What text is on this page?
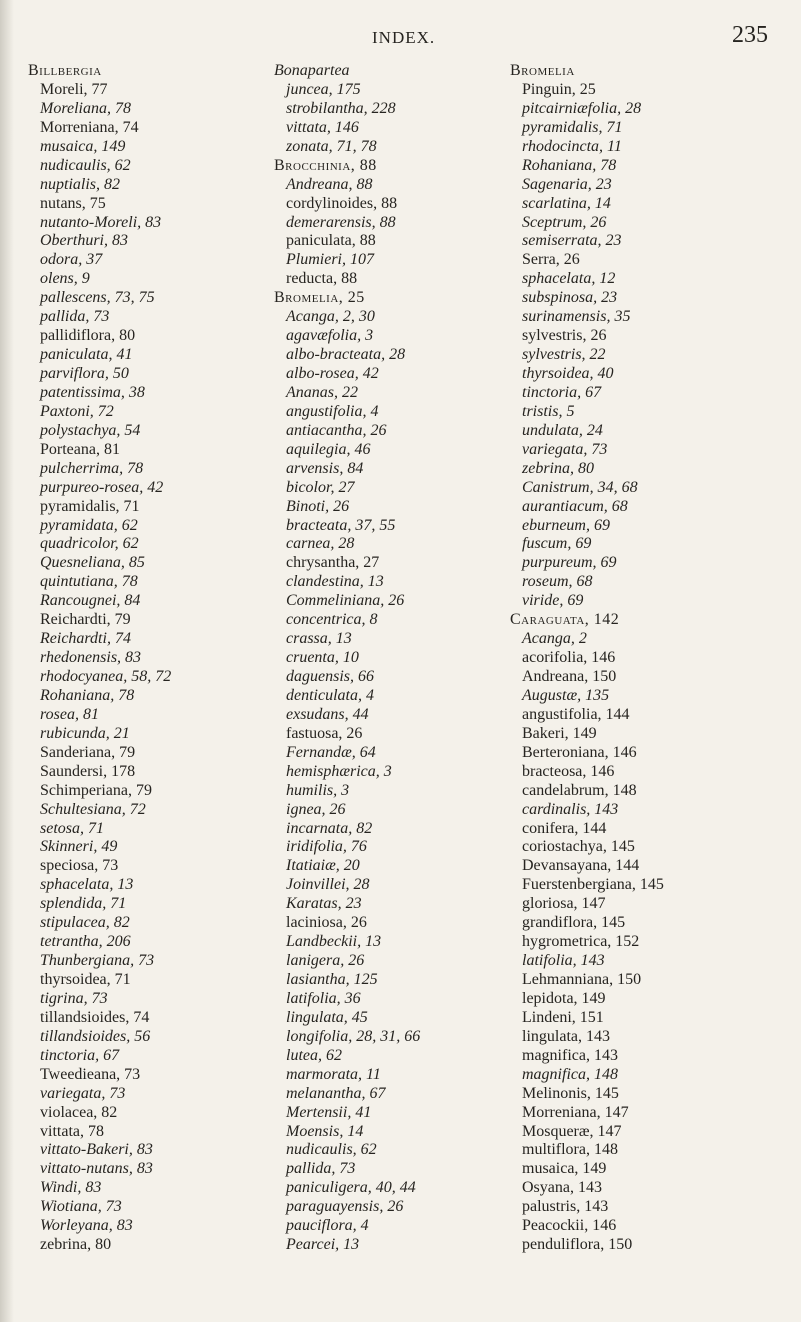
INDEX.	235
Billbergia
Moreli, 77
Moreliana, 78
Morreniana, 74
musaica, 149
nudicaulis, 62
nuptialis, 82
nutans, 75
nutanto-Moreli, 83
Oberthuri, 83
odora, 37
olens, 9
pallescens, 73, 75
pallida, 73
pallidiflora, 80
paniculata, 41
parviflora, 50
patentissima, 38
Paxtoni, 72
polystachya, 54
Porteana, 81
pulcherrima, 78
purpureo-rosea, 42
pyramidalis, 71
pyramidata, 62
quadricolor, 62
Quesneliana, 85
quintutiana, 78
Rancougnei, 84
Reichardti, 79
Reichardti, 74
rhedonensis, 83
rhodocyanea, 58, 72
Rohaniana, 78
rosea, 81
rubicunda, 21
Sanderiana, 79
Saundersi, 178
Schimperiana, 79
Schultesiana, 72
setosa, 71
Skinneri, 49
speciosa, 73
sphacelata, 13
splendida, 71
stipulacea, 82
tetrantha, 206
Thunbergiana, 73
thyrsoidea, 71
tigrina, 73
tillandsioides, 74
tillandsioides, 56
tinctoria, 67
Tweedieana, 73
variegata, 73
violacea, 82
vittata, 78
vittato-Bakeri, 83
vittato-nutans, 83
Windi, 83
Wiotiana, 73
Worleyana, 83
zebrina, 80
Bonapartea
juncea, 175
strobilantha, 228
vittata, 146
zonata, 71, 78
Brocchinia, 88
Andreana, 88
cordylinoides, 88
demerarensis, 88
paniculata, 88
Plumieri, 107
reducta, 88
Bromelia, 25
Acanga, 2, 30
agavæfolia, 3
albo-bracteata, 28
albo-rosea, 42
Ananas, 22
angustifolia, 4
antiacantha, 26
aquilegia, 46
arvensis, 84
bicolor, 27
Binoti, 26
bracteata, 37, 55
carnea, 28
chrysantha, 27
clandestina, 13
Commeliniana, 26
concentrica, 8
crassa, 13
cruenta, 10
daguensis, 66
denticulata, 4
exsudans, 44
fastuosa, 26
Fernandæ, 64
hemisphærica, 3
humilis, 3
ignea, 26
incarnata, 82
iridifolia, 76
Itatiaiæ, 20
Joinvillei, 28
Karatas, 23
laciniosa, 26
Landbeckii, 13
lanigera, 26
lasiantha, 125
latifolia, 36
lingulata, 45
longifolia, 28, 31, 66
lutea, 62
marmorata, 11
melanantha, 67
Mertensii, 41
Moensis, 14
nudicaulis, 62
pallida, 73
paniculigera, 40, 44
paraguayensis, 26
pauciflora, 4
Pearcei, 13
Bromelia
Pinguin, 25
pitcairniæfolia, 28
pyramidalis, 71
rhodocincta, 11
Rohaniana, 78
Sagenaria, 23
scarlatina, 14
Sceptrum, 26
semiserrata, 23
Serra, 26
sphacelata, 12
subspinosa, 23
surinamensis, 35
sylvestris, 26
sylvestris, 22
thyrsoidea, 40
tinctoria, 67
tristis, 5
undulata, 24
variegata, 73
zebrina, 80
Canistrum, 34, 68
aurantiacum, 68
eburneum, 69
fuscum, 69
purpureum, 69
roseum, 68
viride, 69
Caraguata, 142
Acanga, 2
acorifolia, 146
Andreana, 150
Augustæ, 135
angustifolia, 144
Bakeri, 149
Berteroniana, 146
bracteosa, 146
candelabrum, 148
cardinalis, 143
conifera, 144
coriostachya, 145
Devansayana, 144
Fuerstenbergiana, 145
gloriosa, 147
grandiflora, 145
hygrometrica, 152
latifolia, 143
Lehmanniana, 150
lepidota, 149
Lindeni, 151
lingulata, 143
magnifica, 143
magnifica, 148
Melinonis, 145
Morreniana, 147
Mosqueræ, 147
multiflora, 148
musaica, 149
Osyana, 143
palustris, 143
Peacockii, 146
penduliflora, 150
